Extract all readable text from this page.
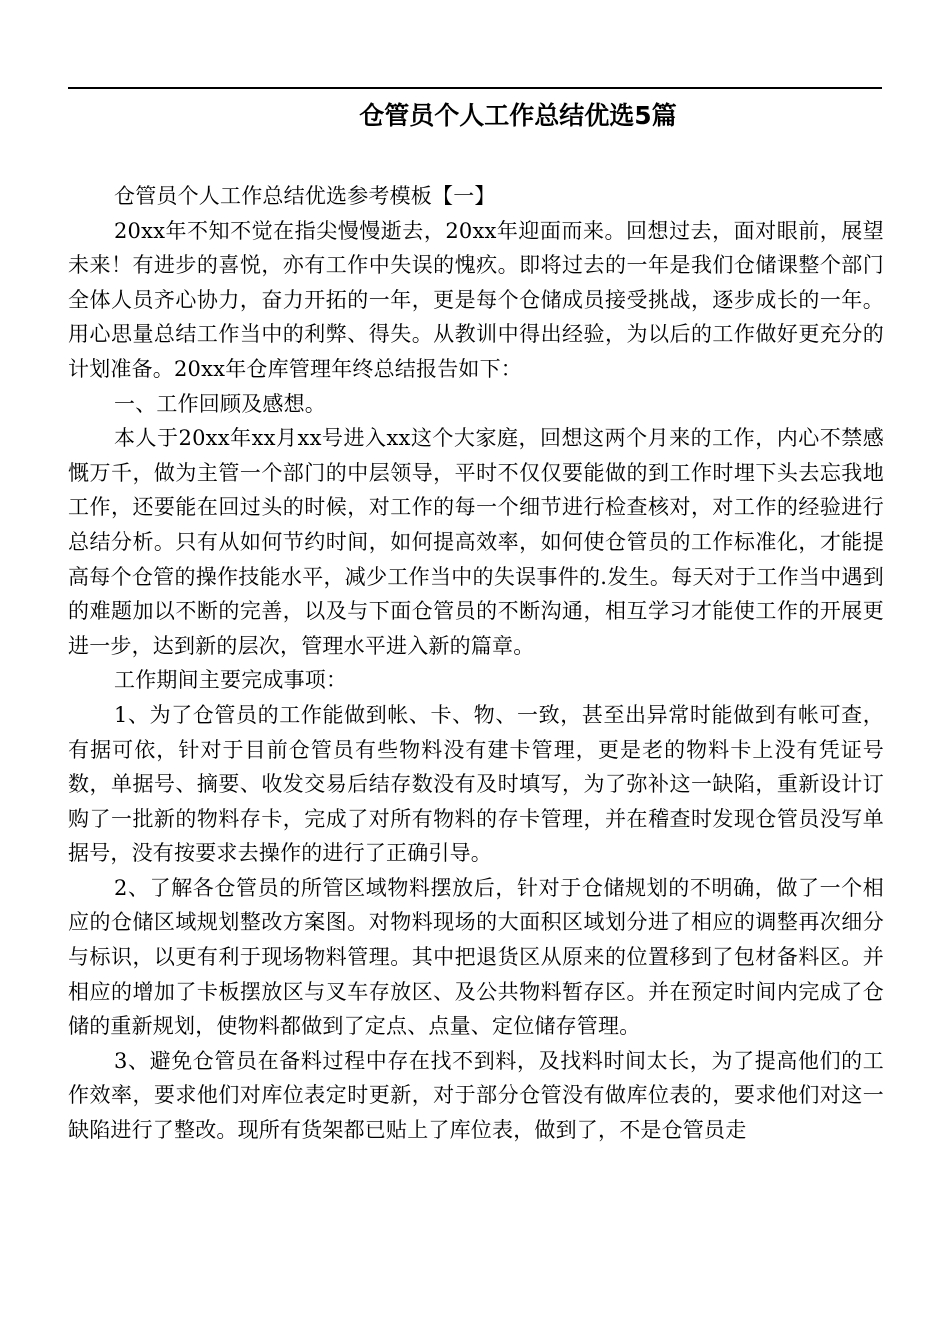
仓管员个人工作总结优选5篇

仓管员个人工作总结优选参考模板【一】

20xx年不知不觉在指尖慢慢逝去，20xx年迎面而来。回想过去，面对眼前，展望未来！有进步的喜悦，亦有工作中失误的愧疚。即将过去的一年是我们仓储课整个部门全体人员齐心协力，奋力开拓的一年，更是每个仓储成员接受挑战，逐步成长的一年。用心思量总结工作当中的利弊、得失。从教训中得出经验，为以后的工作做好更充分的计划准备。20xx年仓库管理年终总结报告如下：

一、工作回顾及感想。

本人于20xx年xx月xx号进入xx这个大家庭，回想这两个月来的工作，内心不禁感慨万千，做为主管一个部门的中层领导，平时不仅仅要能做的到工作时埋下头去忘我地工作，还要能在回过头的时候，对工作的每一个细节进行检查核对，对工作的经验进行总结分析。只有从如何节约时间，如何提高效率，如何使仓管员的工作标准化，才能提高每个仓管的操作技能水平，减少工作当中的失误事件的.发生。每天对于工作当中遇到的难题加以不断的完善，以及与下面仓管员的不断沟通，相互学习才能使工作的开展更进一步，达到新的层次，管理水平进入新的篇章。

工作期间主要完成事项：

1、为了仓管员的工作能做到帐、卡、物、一致，甚至出异常时能做到有帐可查，有据可依，针对于目前仓管员有些物料没有建卡管理，更是老的物料卡上没有凭证号数，单据号、摘要、收发交易后结存数没有及时填写，为了弥补这一缺陷，重新设计订购了一批新的物料存卡，完成了对所有物料的存卡管理，并在稽查时发现仓管员没写单据号，没有按要求去操作的进行了正确引导。

2、了解各仓管员的所管区域物料摆放后，针对于仓储规划的不明确，做了一个相应的仓储区域规划整改方案图。对物料现场的大面积区域划分进了相应的调整再次细分与标识，以更有利于现场物料管理。其中把退货区从原来的位置移到了包材备料区。并相应的增加了卡板摆放区与叉车存放区、及公共物料暂存区。并在预定时间内完成了仓储的重新规划，使物料都做到了定点、点量、定位储存管理。

3、避免仓管员在备料过程中存在找不到料，及找料时间太长，为了提高他们的工作效率，要求他们对库位表定时更新，对于部分仓管没有做库位表的，要求他们对这一缺陷进行了整改。现所有货架都已贴上了库位表，做到了，不是仓管员走
